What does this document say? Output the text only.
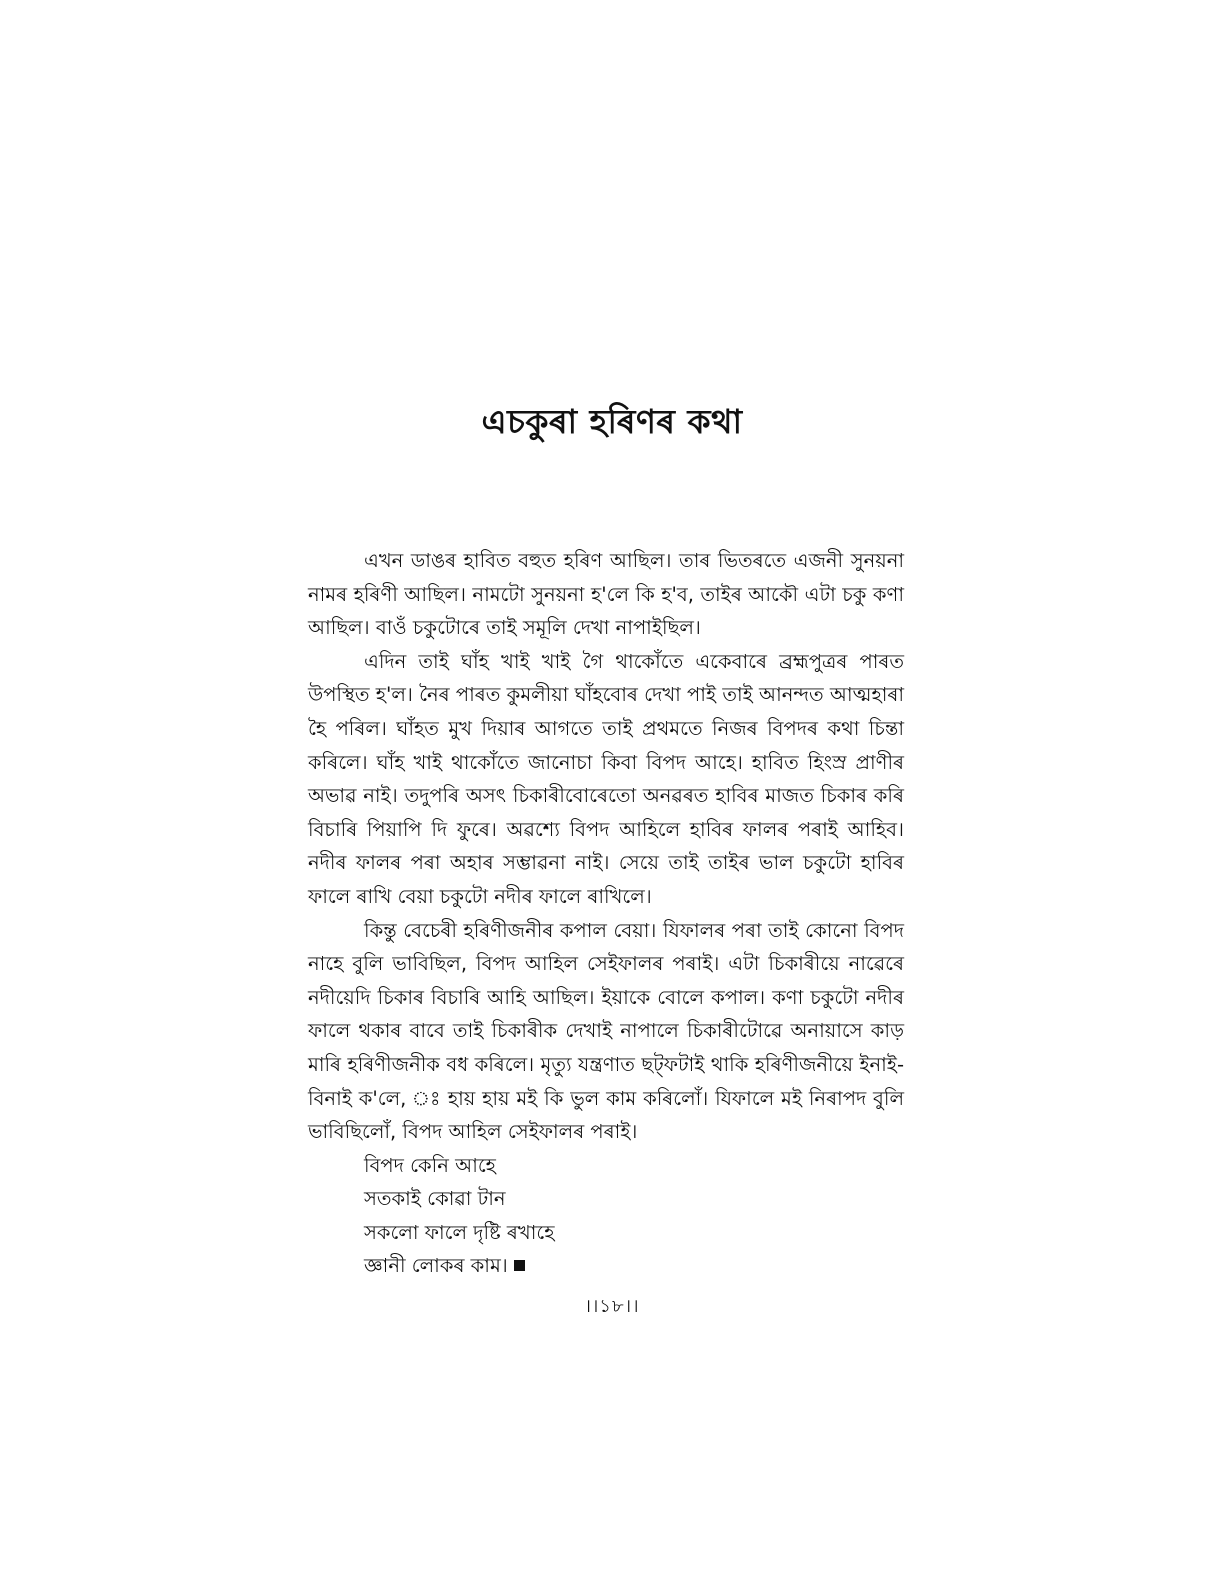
এচকুৰা হৰিণৰ কথা

এখন ডাঙৰ হাবিত বহুত হৰিণ আছিল। তাৰ ভিতৰতে এজনী সুনয়না নামৰ হৰিণী আছিল। নামটো সুনয়না হ'লে কি হ'ব, তাইৰ আকৌ এটা চকু কণা আছিল। বাওঁ চকুটোৰে তাই সমূলি দেখা নাপাইছিল।

এদিন তাই ঘাঁহ খাই খাই গৈ থাকোঁতে একেবাৰে ব্ৰহ্মপুত্ৰৰ পাৰত উপস্থিত হ'ল। নৈৰ পাৰত কুমলীয়া ঘাঁহবোৰ দেখা পাই তাই আনন্দত আত্মহাৰা হৈ পৰিল। ঘাঁহত মুখ দিয়াৰ আগতে তাই প্ৰথমতে নিজৰ বিপদৰ কথা চিন্তা কৰিলে। ঘাঁহ খাই থাকোঁতে জানোচা কিবা বিপদ আহে। হাবিত হিংস্ৰ প্ৰাণীৰ অভাৱ নাই। তদুপৰি অসৎ চিকাৰীবোৰেতো অনৱৰত হাবিৰ মাজত চিকাৰ কৰি বিচাৰি পিয়াপি দি ফুৰে। অৱশ্যে বিপদ আহিলে হাবিৰ ফালৰ পৰাই আহিব। নদীৰ ফালৰ পৰা অহাৰ সম্ভাৱনা নাই। সেয়ে তাই তাইৰ ভাল চকুটো হাবিৰ ফালে ৰাখি বেয়া চকুটো নদীৰ ফালে ৰাখিলে।

কিন্তু বেচেৰী হৰিণীজনীৰ কপাল বেয়া। যিফালৰ পৰা তাই কোনো বিপদ নাহে বুলি ভাবিছিল, বিপদ আহিল সেইফালৰ পৰাই। এটা চিকাৰীয়ে নাৱেৰে নদীয়েদি চিকাৰ বিচাৰি আহি আছিল। ইয়াকে বোলে কপাল। কণা চকুটো নদীৰ ফালে থকাৰ বাবে তাই চিকাৰীক দেখাই নাপালে চিকাৰীটোৱে অনায়াসে কাড় মাৰি হৰিণীজনীক বধ কৰিলে। মৃত্যু যন্ত্ৰণাত ছট্‌ফটাই থাকি হৰিণীজনীয়ে ইনাই-বিনাই ক'লে, ঃ হায় হায় মই কি ভুল কাম কৰিলোঁ। যিফালে মই নিৰাপদ বুলি ভাবিছিলোঁ, বিপদ আহিল সেইফালৰ পৰাই।

বিপদ কেনি আহে
সতকাই কোৱা টান
সকলো ফালে দৃষ্টি ৰখাহে
জ্ঞানী লোকৰ কাম।
।।১৮।।
